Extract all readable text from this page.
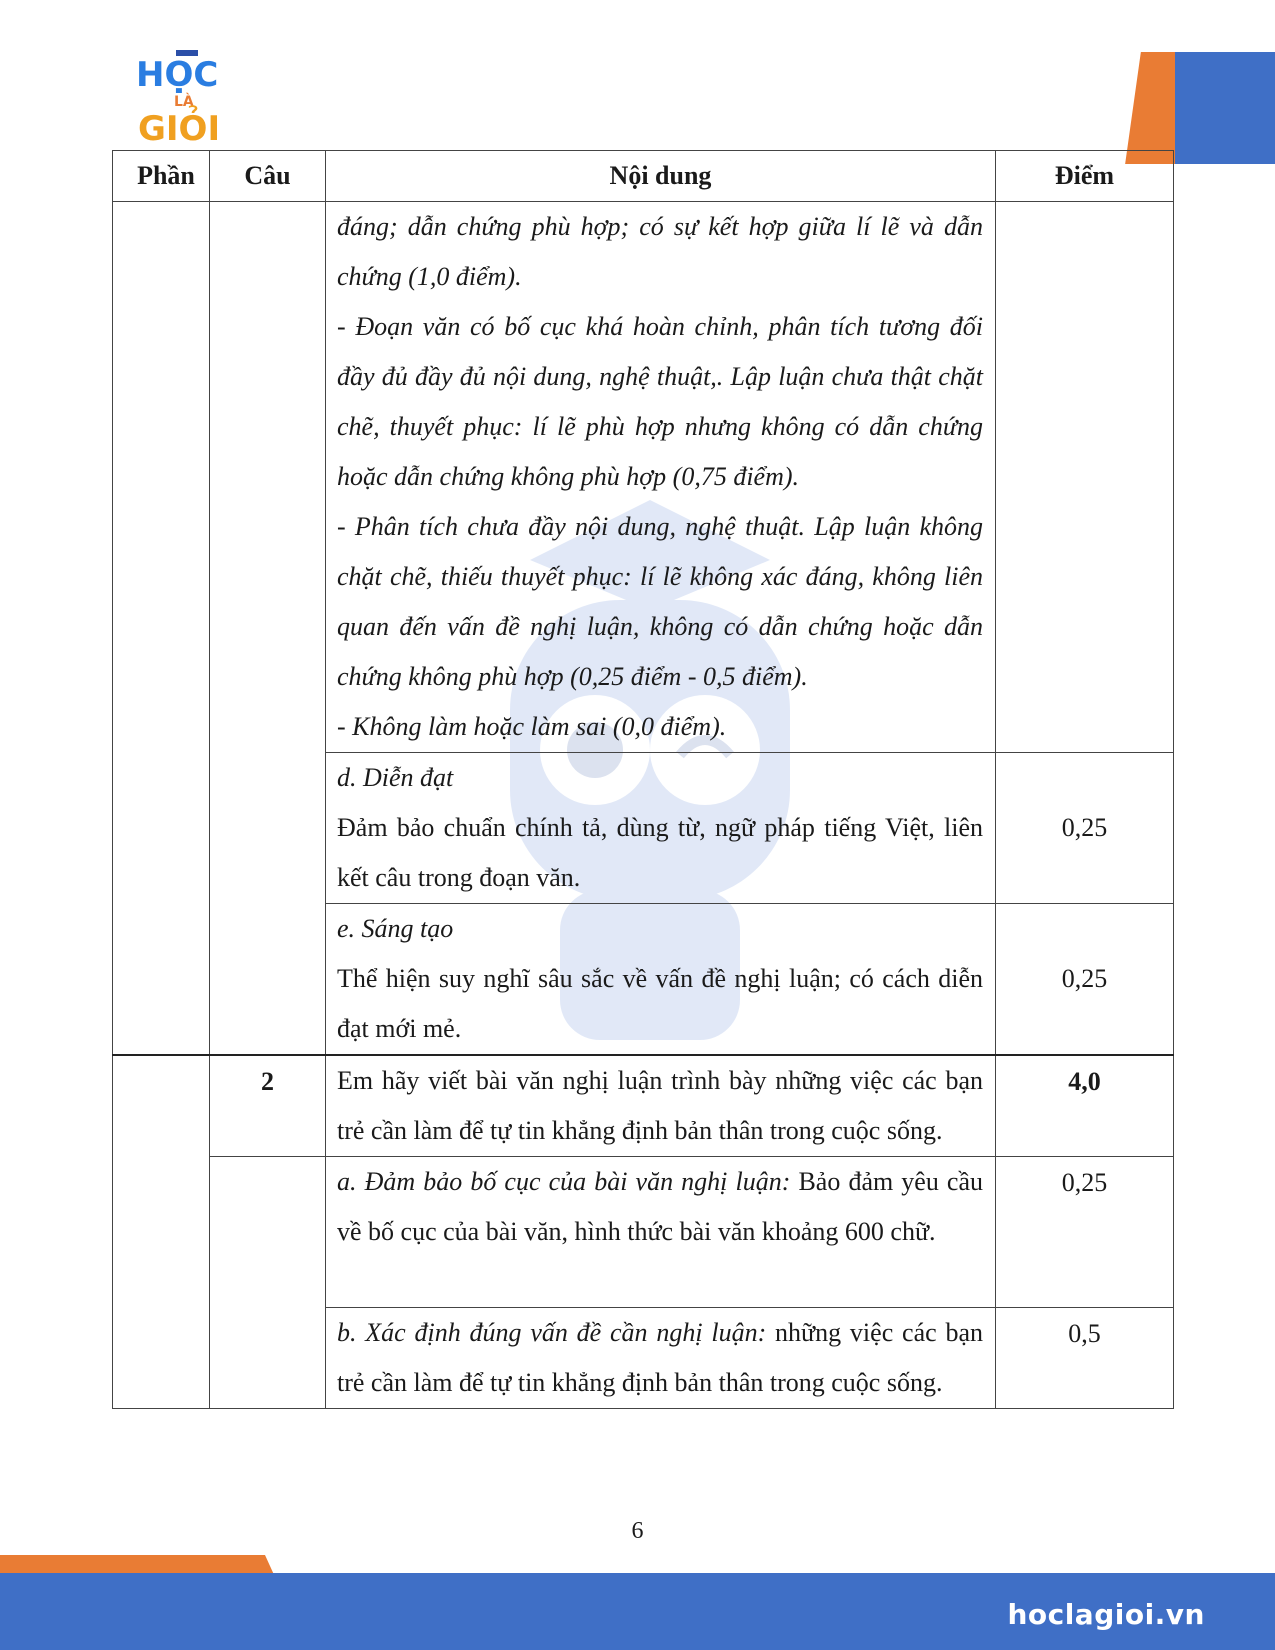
HỌC
LÀ
GIỎI
Phần	Câu	Nội dung	Điểm

		đáng; dẫn chứng phù hợp; có sự kết hợp giữa lí lẽ và dẫn chứng (1,0 điểm).

- Đoạn văn có bố cục khá hoàn chỉnh, phân tích tương đối đầy đủ đầy đủ nội dung, nghệ thuật,. Lập luận chưa thật chặt chẽ, thuyết phục: lí lẽ phù hợp nhưng không có dẫn chứng hoặc dẫn chứng không phù hợp (0,75 điểm).

- Phân tích chưa đầy nội dung, nghệ thuật. Lập luận không chặt chẽ, thiếu thuyết phục: lí lẽ không xác đáng, không liên quan đến vấn đề nghị luận, không có dẫn chứng hoặc dẫn chứng không phù hợp (0,25 điểm - 0,5 điểm).

- Không làm hoặc làm sai (0,0 điểm).	

		d. Diễn đạt

Đảm bảo chuẩn chính tả, dùng từ, ngữ pháp tiếng Việt, liên kết câu trong đoạn văn.	0,25

		e. Sáng tạo

Thể hiện suy nghĩ sâu sắc về vấn đề nghị luận; có cách diễn đạt mới mẻ.	0,25
	2	Em hãy viết bài văn nghị luận trình bày những việc các bạn trẻ cần làm để tự tin khẳng định bản thân trong cuộc sống.	4,0
		a. Đảm bảo bố cục của bài văn nghị luận: Bảo đảm yêu cầu về bố cục của bài văn, hình thức bài văn khoảng 600 chữ.	0,25
		b. Xác định đúng vấn đề cần nghị luận: những việc các bạn trẻ cần làm để tự tin khẳng định bản thân trong cuộc sống.	0,5
6
hoclagioi.vn
